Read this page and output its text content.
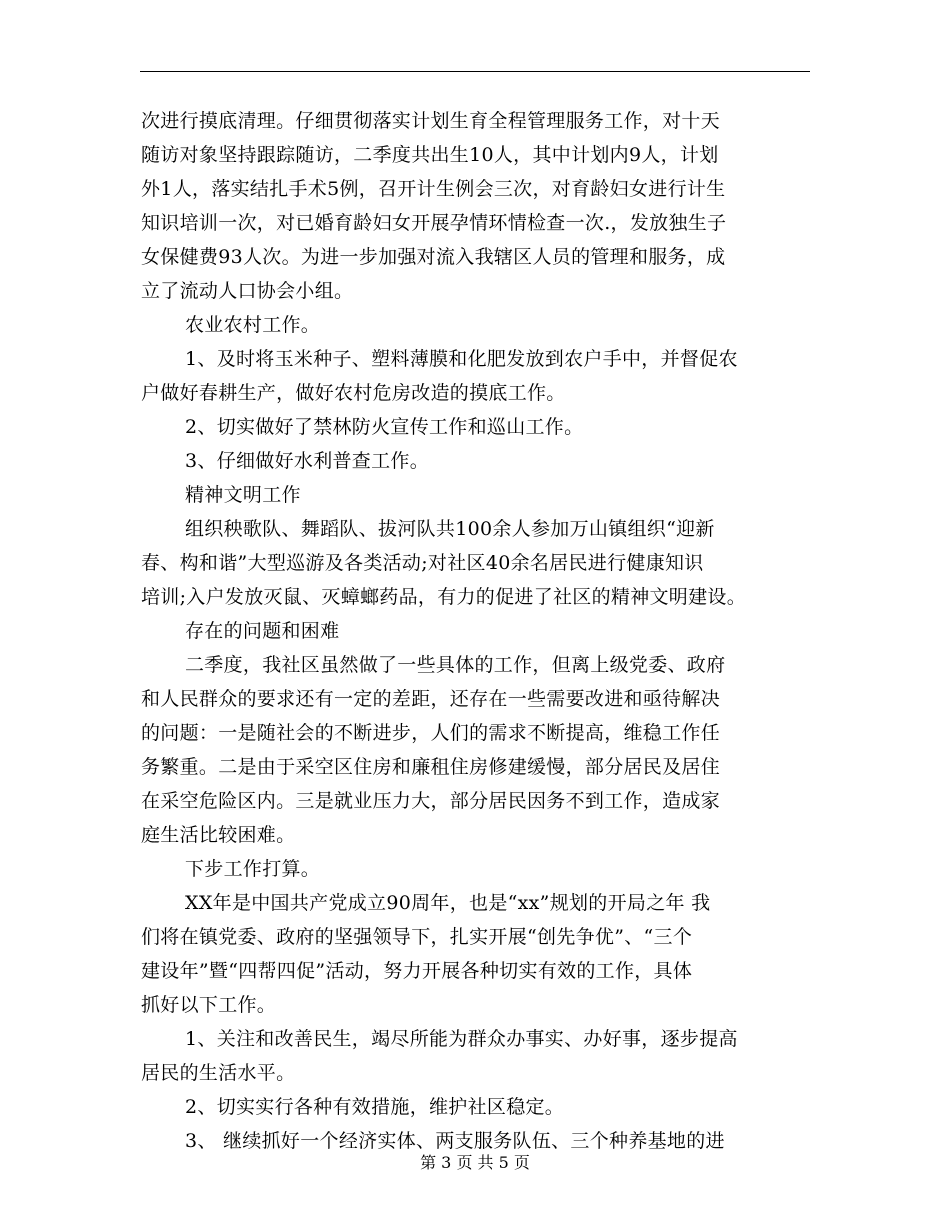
次进行摸底清理。仔细贯彻落实计划生育全程管理服务工作，对十天
随访对象坚持跟踪随访，二季度共出生10人，其中计划内9人，计划
外1人，落实结扎手术5例，召开计生例会三次，对育龄妇女进行计生
知识培训一次，对已婚育龄妇女开展孕情环情检查一次.，发放独生子
女保健费93人次。为进一步加强对流入我辖区人员的管理和服务，成
立了流动人口协会小组。
农业农村工作。
1、及时将玉米种子、塑料薄膜和化肥发放到农户手中，并督促农
户做好春耕生产，做好农村危房改造的摸底工作。
2、切实做好了禁林防火宣传工作和巡山工作。
3、仔细做好水利普查工作。
精神文明工作
组织秧歌队、舞蹈队、拔河队共100余人参加万山镇组织“迎新
春、构和谐”大型巡游及各类活动;对社区40余名居民进行健康知识
培训;入户发放灭鼠、灭蟑螂药品，有力的促进了社区的精神文明建设。
存在的问题和困难
二季度，我社区虽然做了一些具体的工作，但离上级党委、政府
和人民群众的要求还有一定的差距，还存在一些需要改进和亟待解决
的问题：一是随社会的不断进步，人们的需求不断提高，维稳工作任
务繁重。二是由于采空区住房和廉租住房修建缓慢，部分居民及居住
在采空危险区内。三是就业压力大，部分居民因务不到工作，造成家
庭生活比较困难。
下步工作打算。
XX年是中国共产党成立90周年，也是“xx”规划的开局之年 我
们将在镇党委、政府的坚强领导下，扎实开展“创先争优”、“三个
建设年”暨“四帮四促”活动，努力开展各种切实有效的工作，具体
抓好以下工作。
1、关注和改善民生，竭尽所能为群众办事实、办好事，逐步提高
居民的生活水平。
2、切实实行各种有效措施，维护社区稳定。
3、 继续抓好一个经济实体、两支服务队伍、三个种养基地的进
第 3 页 共 5 页
